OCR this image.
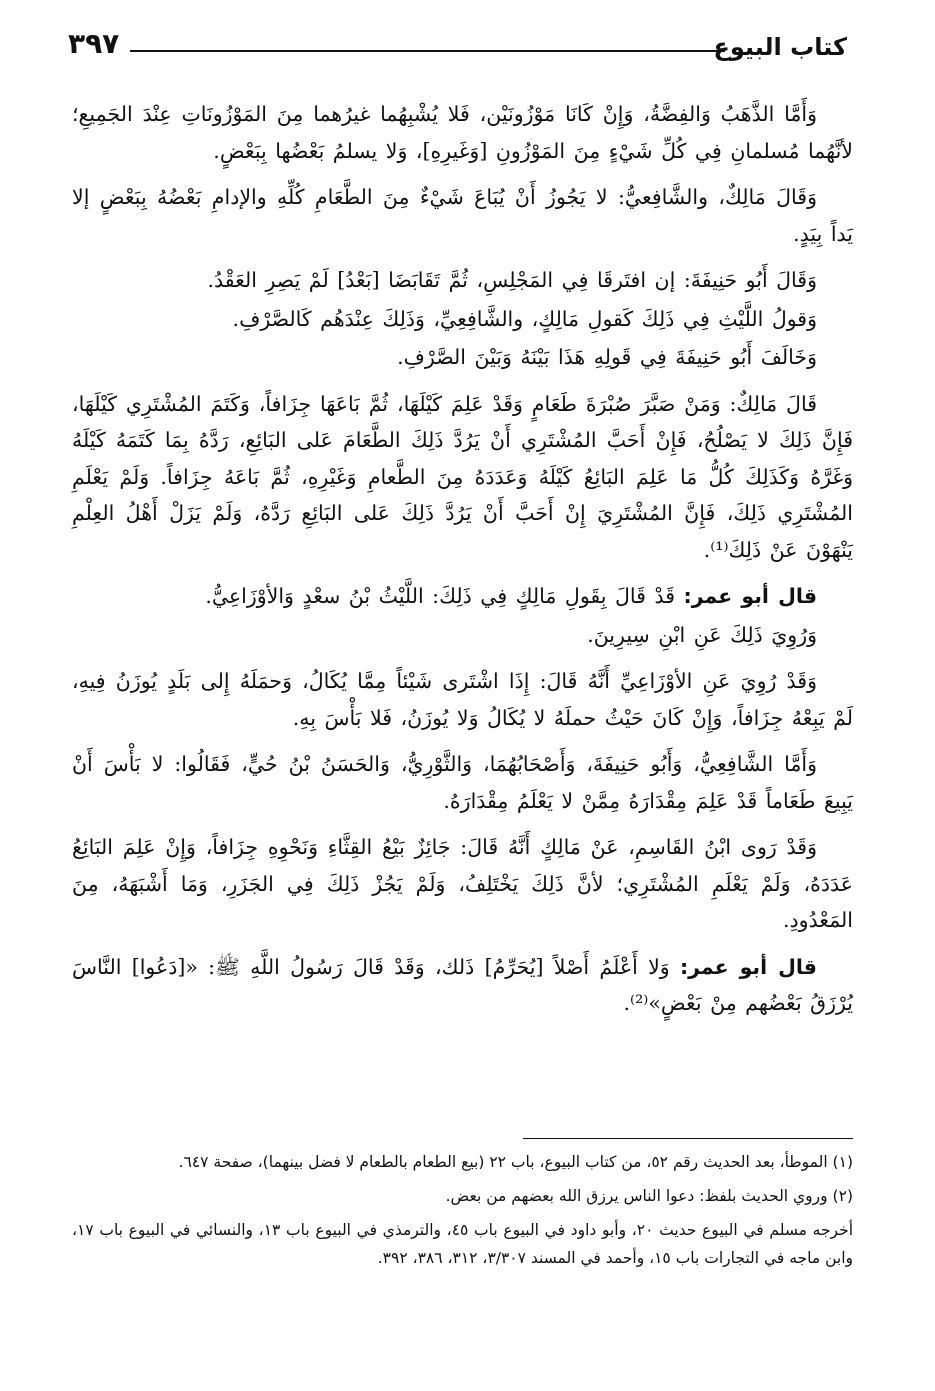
كتاب البيوع
٣٩٧

وَأَمَّا الذَّهَبُ وَالفِضَّةُ، وَإِنْ كَانَا مَوْزُونَيْن، فَلا يُشْبِهُما غيرُهما مِنَ المَوْزُونَاتِ عِنْدَ الجَمِيعِ؛ لأنَّهُما مُسلمانِ فِي كُلِّ شَيْءٍ مِنَ المَوْزُونِ [وَغَيرِهِ]، وَلا يسلمُ بَعْضُها بِبَعْضٍ.

وَقَالَ مَالِكٌ، والشَّافِعيُّ: لا يَجُوزُ أَنْ يُبَاعَ شَيْءٌ مِنَ الطَّعَامِ كُلِّهِ والإدامِ بَعْضُهُ بِبَعْضٍ إلا يَداً بِيَدٍ.

وَقَالَ أَبُو حَنِيفَةَ: إن افتَرقَا فِي المَجْلِسِ، ثُمَّ تَقَابَضَا [بَعْدُ] لَمْ يَصِرِ العَقْدُ.

وَقولُ اللَّيْثِ فِي ذَلِكَ كَقولِ مَالِكٍ، والشَّافِعِيِّ، وَذَلِكَ عِنْدَهُم كَالصَّرْفِ.

وَخَالَفَ أَبُو حَنِيفَةَ فِي قَولِهِ هَذَا بَيْنَهُ وَبَيْنَ الصَّرْفِ.

قَالَ مَالِكٌ: وَمَنْ صَبَّرَ صُبْرَةَ طَعَامٍ وَقَدْ عَلِمَ كَيْلَهَا، ثُمَّ بَاعَهَا جِزَافاً، وَكَتَمَ المُشْتَرِي كَيْلَهَا، فَإِنَّ ذَلِكَ لا يَصْلُحُ، فَإِنْ أَحَبَّ المُشْتَرِي أَنْ يَرُدَّ ذَلِكَ الطَّعَامَ عَلى البَائِعِ، رَدَّهُ بِمَا كَتَمَهُ كَيْلَهُ وَغَرَّهُ وَكَذَلِكَ كُلُّ مَا عَلِمَ البَائِعُ كَيْلَهُ وَعَدَدَهُ مِنَ الطَّعامِ وَغَيْرِهِ، ثُمَّ بَاعَهُ جِزَافاً. وَلَمْ يَعْلَمِ المُشْتَرِي ذَلِكَ، فَإِنَّ المُشْتَرِيَ إِنْ أَحَبَّ أَنْ يَرُدَّ ذَلِكَ عَلى البَائِعِ رَدَّهُ، وَلَمْ يَزَلْ أَهْلُ العِلْمِ يَنْهَوْنَ عَنْ ذَلِكَ⁽¹⁾.

قال أبو عمر: قَدْ قَالَ بِقَولِ مَالِكٍ فِي ذَلِكَ: اللَّيْثُ بْنُ سعْدٍ وَالأوْزَاعِيُّ.

وَرُوِيَ ذَلِكَ عَنِ ابْنِ سِيرِينَ.

وَقَدْ رُوِيَ عَنِ الأوْزَاعِيِّ أَنَّهُ قَالَ: إِذَا اشْتَرى شَيْئاً مِمَّا يُكَالُ، وَحمَلَهُ إِلى بَلَدٍ يُوزَنُ فِيهِ، لَمْ يَبِعْهُ جِزَافاً، وَإِنْ كَانَ حَيْثُ حملَهُ لا يُكَالُ وَلا يُوزَنُ، فَلا بَأْسَ بِهِ.

وَأَمَّا الشَّافِعِيُّ، وَأَبُو حَنِيفَةَ، وَأَصْحَابُهُمَا، وَالثَّوْرِيُّ، وَالحَسَنُ بْنُ حُيٍّ، فَقَالُوا: لا بَأْسَ أَنْ يَبِيعَ طَعَاماً قَدْ عَلِمَ مِقْدَارَهُ مِمَّنْ لا يَعْلَمُ مِقْدَارَهُ.

وَقَدْ رَوى ابْنُ القَاسِمِ، عَنْ مَالِكٍ أَنَّهُ قَالَ: جَائِزٌ بَيْعُ القِثَّاءِ وَنَحْوِهِ جِزَافاً، وَإِنْ عَلِمَ البَائِعُ عَدَدَهُ، وَلَمْ يَعْلَمِ المُشْتَرِي؛ لأنَّ ذَلِكَ يَخْتَلِفُ، وَلَمْ يَجُزْ ذَلِكَ فِي الجَزَرِ، وَمَا أَشْبَهَهُ، مِنَ المَعْدُودِ.

قال أبو عمر: وَلا أَعْلَمُ أَصْلاً [يُحَرِّمُ] ذَلك، وَقَدْ قَالَ رَسُولُ اللَّهِ ﷺ: «[دَعُوا] النَّاسَ يُرْزَقُ بَعْضُهم مِنْ بَعْضٍ»⁽²⁾.

(١) الموطأ، بعد الحديث رقم ٥٢، من كتاب البيوع، باب ٢٢ (بيع الطعام بالطعام لا فضل بينهما)، صفحة ٦٤٧.

(٢) وروي الحديث بلفظ: دعوا الناس يرزق الله بعضهم من بعض.

أخرجه مسلم في البيوع حديث ٢٠، وأبو داود في البيوع باب ٤٥، والترمذي في البيوع باب ١٣، والنسائي في البيوع باب ١٧، وابن ماجه في التجارات باب ١٥، وأحمد في المسند ٣/٣٠٧، ٣١٢، ٣٨٦، ٣٩٢.
